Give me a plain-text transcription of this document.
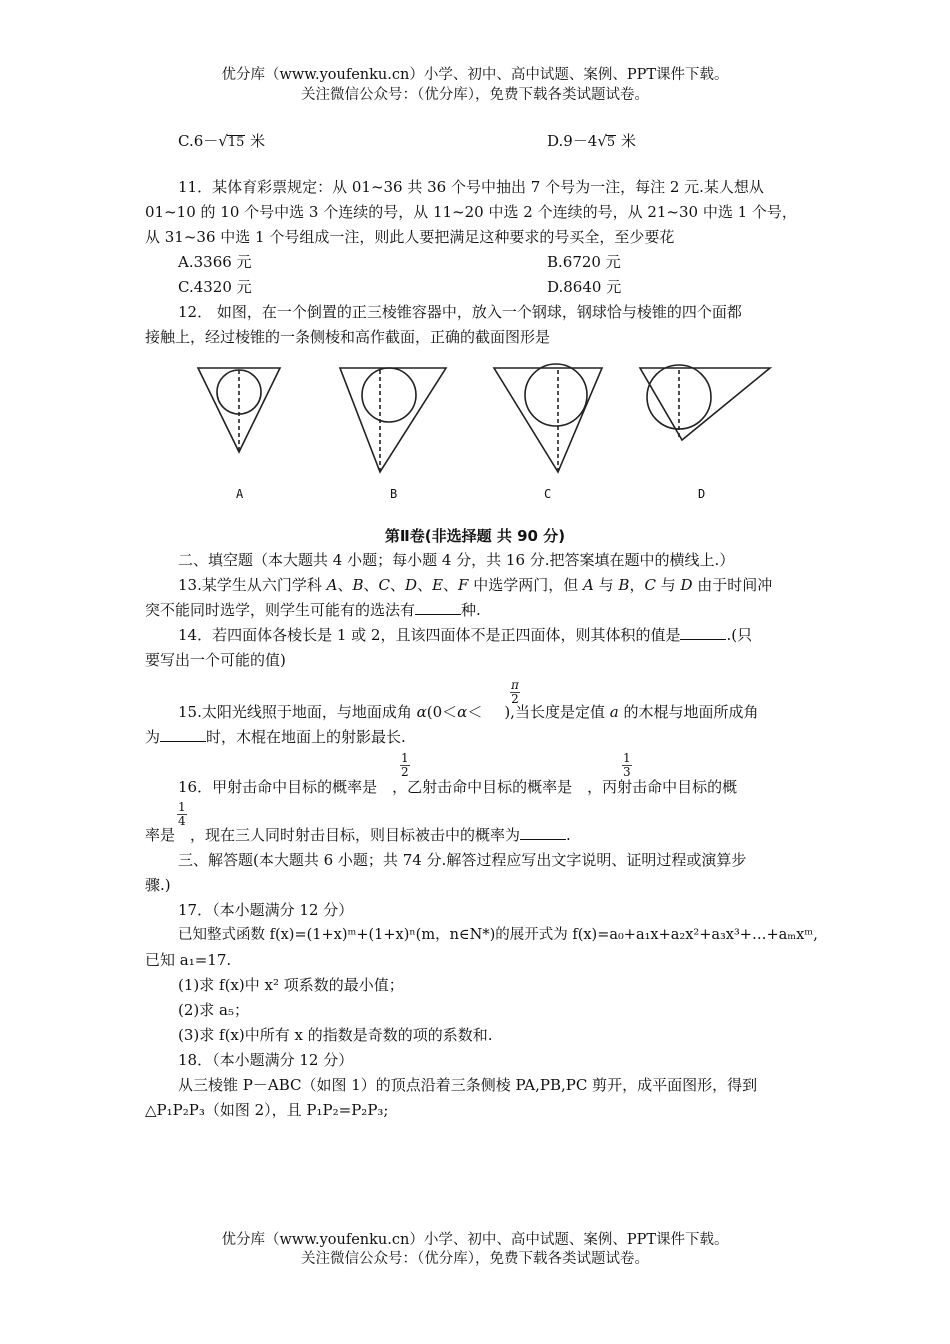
优分库（www.youfenku.cn）小学、初中、高中试题、案例、PPT课件下载。
关注微信公众号：（优分库），免费下载各类试题试卷。
C.6－√15 米	D.9－4√5 米
11．某体育彩票规定：从 01~36 共 36 个号中抽出 7 个号为一注，每注 2 元.某人想从
01~10 的 10 个号中选 3 个连续的号，从 11~20 中选 2 个连续的号，从 21~30 中选 1 个号，
从 31~36 中选 1 个号组成一注，则此人要把满足这种要求的号买全，至少要花
A.3366 元	B.6720 元
C.4320 元	D.8640 元
12． 如图，在一个倒置的正三棱锥容器中，放入一个钢球，钢球恰与棱锥的四个面都
接触上，经过棱锥的一条侧棱和高作截面，正确的截面图形是
A	B	C	D
第Ⅱ卷(非选择题 共 90 分)
二、填空题（本大题共 4 小题；每小题 4 分，共 16 分.把答案填在题中的横线上.）
13.某学生从六门学科 A、B、C、D、E、F 中选学两门，但 A 与 B，C 与 D 由于时间冲
突不能同时选学，则学生可能有的选法有	种.
14．若四面体各棱长是 1 或 2，且该四面体不是正四面体，则其体积的值是	.(只
要写出一个可能的值)
$\frac{\pi}{2}$
15.太阳光线照于地面，与地面成角 α(0＜α＜ ),当长度是定值 a 的木棍与地面所成角
为	时，木棍在地面上的射影最长.
$\frac{1}{2}$	$\frac{1}{3}$
16．甲射击命中目标的概率是 ，乙射击命中目标的概率是 ，丙射击命中目标的概
$\frac{1}{4}$
率是 ，现在三人同时射击目标，则目标被击中的概率为	.
三、解答题(本大题共 6 小题；共 74 分.解答过程应写出文字说明、证明过程或演算步
骤.)
17．（本小题满分 12 分）
已知整式函数 f(x)=(1+x)ᵐ+(1+x)ⁿ(m，n∈N*)的展开式为 f(x)=a₀+a₁x+a₂x²+a₃x³+…+aₘxᵐ,
已知 a₁=17.
(1)求 f(x)中 x² 项系数的最小值；
(2)求 a₅；
(3)求 f(x)中所有 x 的指数是奇数的项的系数和.
18．（本小题满分 12 分）
从三棱锥 P－ABC（如图 1）的顶点沿着三条侧棱 PA,PB,PC 剪开，成平面图形，得到
△P₁P₂P₃（如图 2），且 P₁P₂=P₂P₃;
优分库（www.youfenku.cn）小学、初中、高中试题、案例、PPT课件下载。
关注微信公众号：（优分库），免费下载各类试题试卷。
